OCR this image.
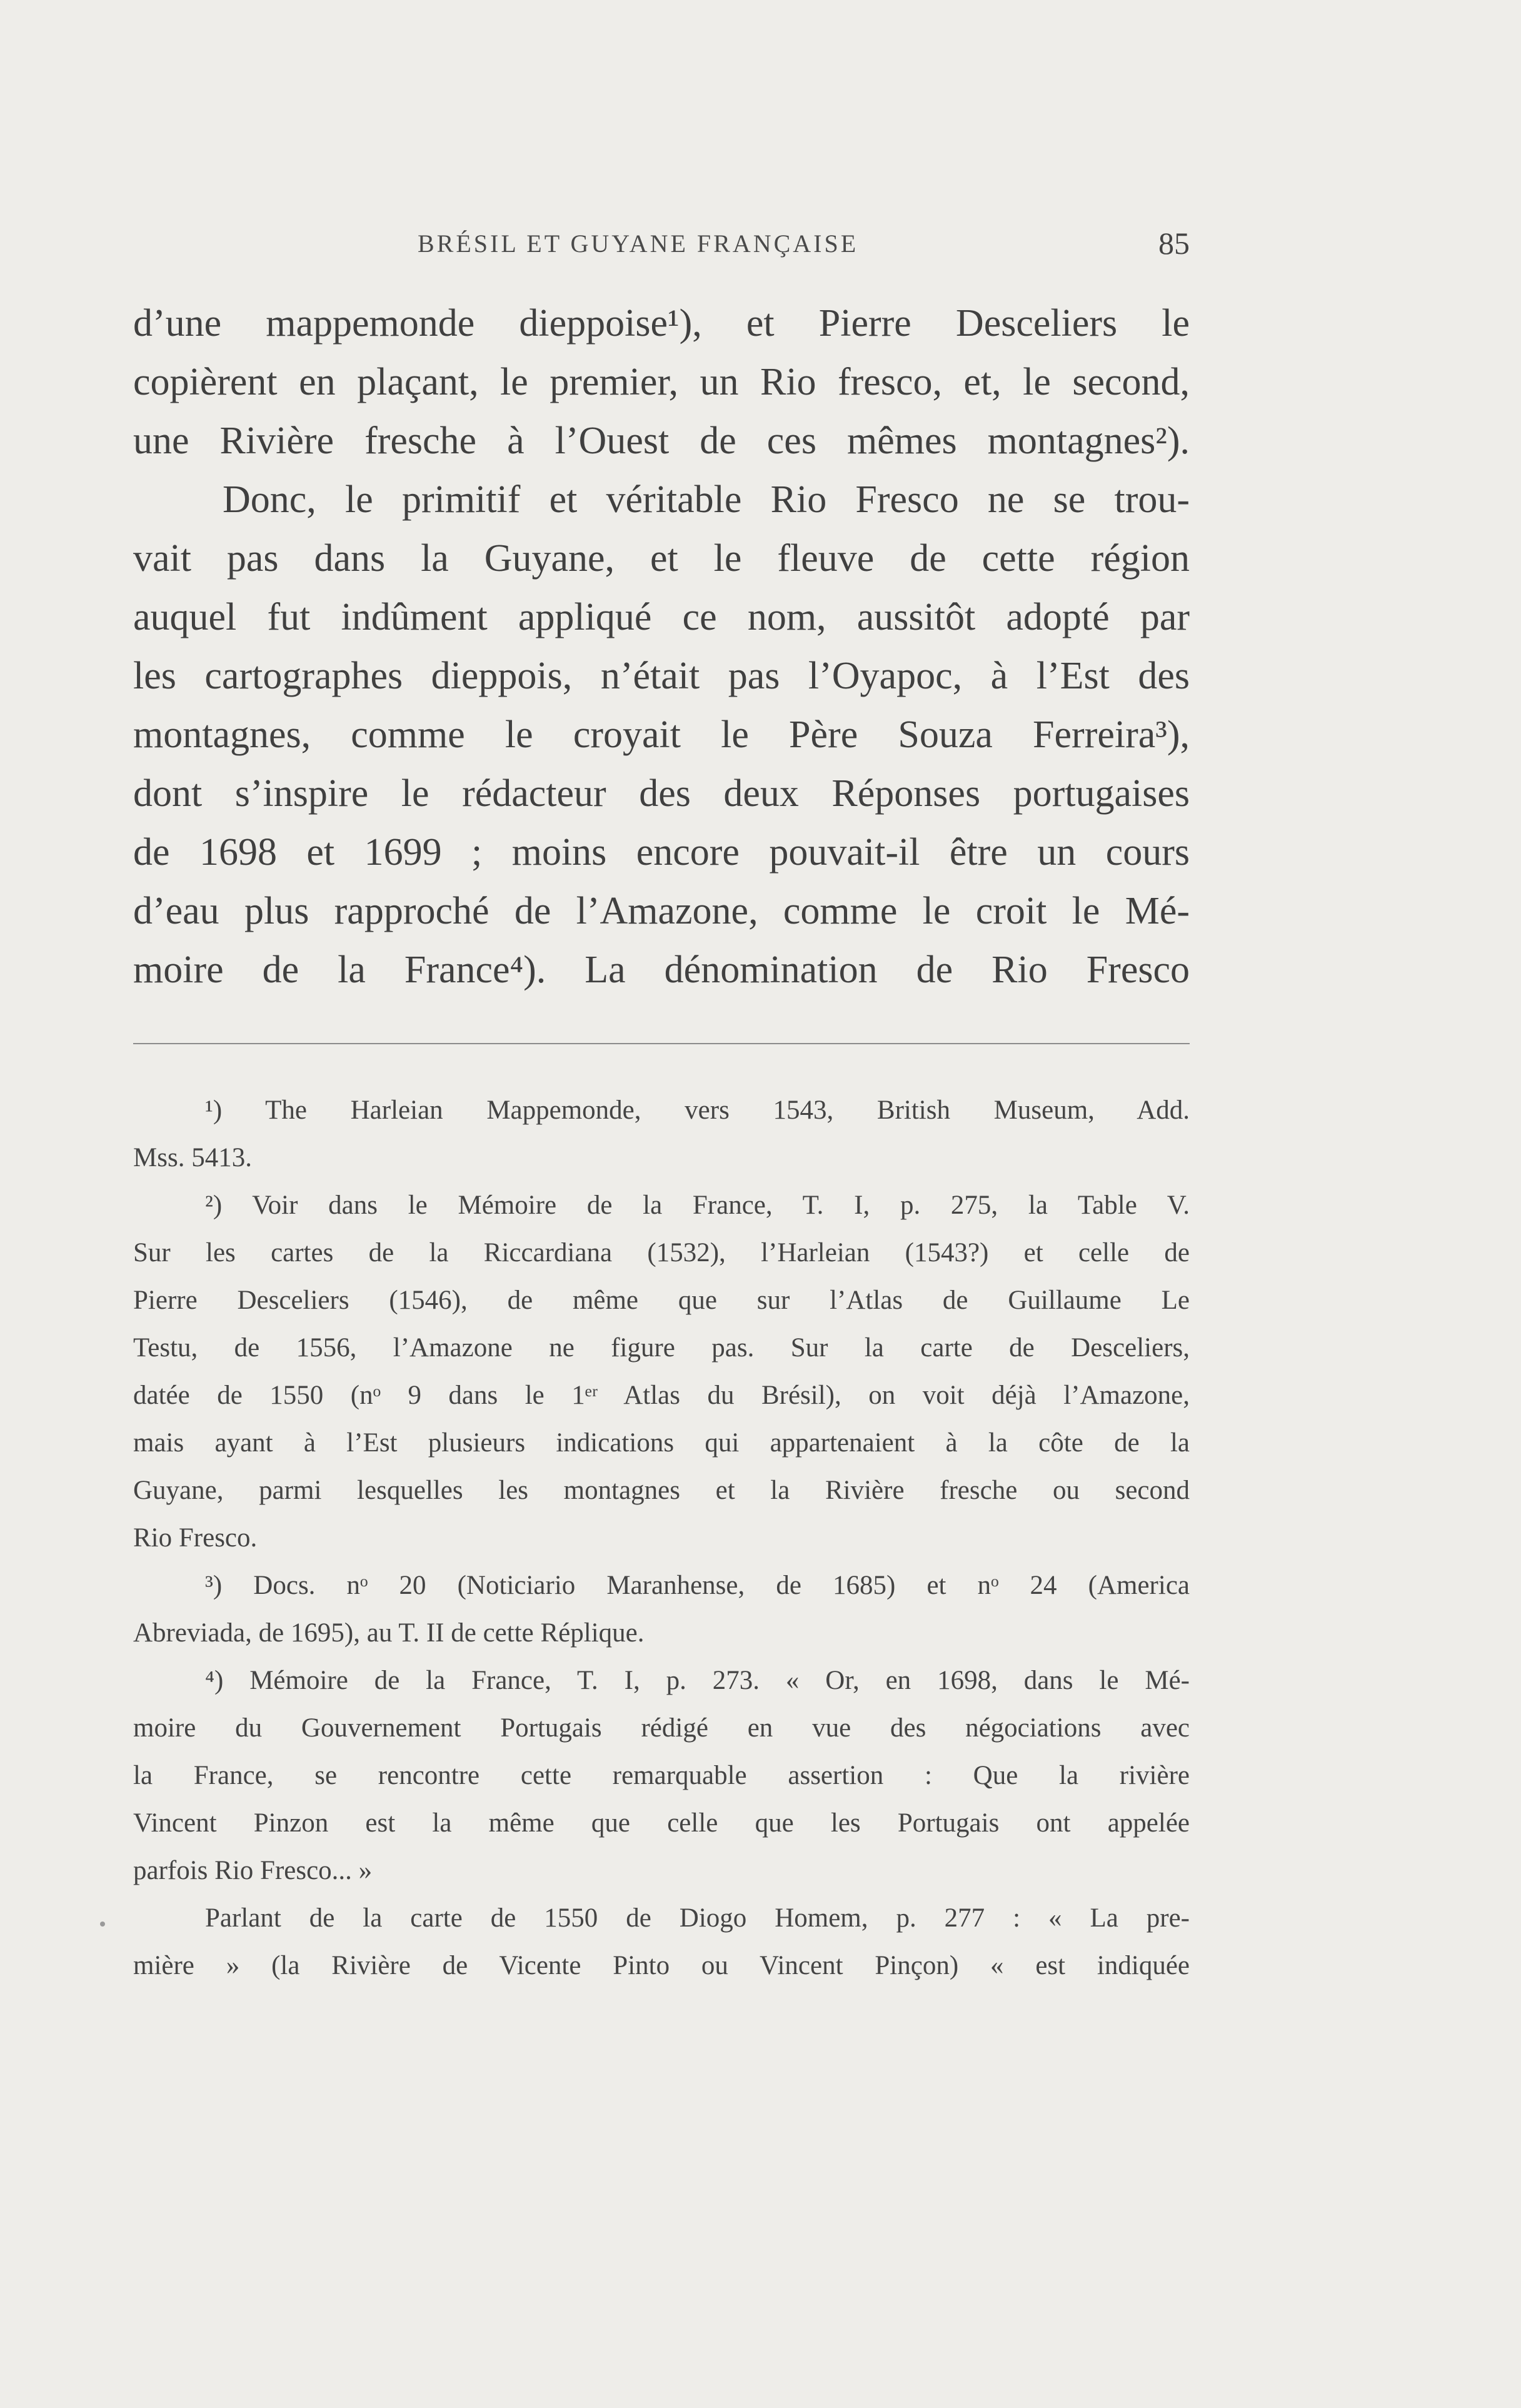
BRÉSIL ET GUYANE FRANÇAISE	85
d’une mappemonde dieppoise¹), et Pierre Desceliers le
copièrent en plaçant, le premier, un Rio fresco, et, le second,
une Rivière fresche à l’Ouest de ces mêmes montagnes²).
Donc, le primitif et véritable Rio Fresco ne se trou-
vait pas dans la Guyane, et le fleuve de cette région
auquel fut indûment appliqué ce nom, aussitôt adopté par
les cartographes dieppois, n’était pas l’Oyapoc, à l’Est des
montagnes, comme le croyait le Père Souza Ferreira³),
dont s’inspire le rédacteur des deux Réponses portugaises
de 1698 et 1699 ; moins encore pouvait-il être un cours
d’eau plus rapproché de l’Amazone, comme le croit le Mé-
moire de la France⁴). La dénomination de Rio Fresco
¹) The Harleian Mappemonde, vers 1543, British Museum, Add.
Mss. 5413.
²) Voir dans le Mémoire de la France, T. I, p. 275, la Table V.
Sur les cartes de la Riccardiana (1532), l’Harleian (1543?) et celle de
Pierre Desceliers (1546), de même que sur l’Atlas de Guillaume Le
Testu, de 1556, l’Amazone ne figure pas. Sur la carte de Desceliers,
datée de 1550 (nᵒ 9 dans le 1ᵉʳ Atlas du Brésil), on voit déjà l’Amazone,
mais ayant à l’Est plusieurs indications qui appartenaient à la côte de la
Guyane, parmi lesquelles les montagnes et la Rivière fresche ou second
Rio Fresco.
³) Docs. nᵒ 20 (Noticiario Maranhense, de 1685) et nᵒ 24 (America
Abreviada, de 1695), au T. II de cette Réplique.
⁴) Mémoire de la France, T. I, p. 273. « Or, en 1698, dans le Mé-
moire du Gouvernement Portugais rédigé en vue des négociations avec
la France, se rencontre cette remarquable assertion : Que la rivière
Vincent Pinzon est la même que celle que les Portugais ont appelée
parfois Rio Fresco... »
Parlant de la carte de 1550 de Diogo Homem, p. 277 : « La pre-
mière » (la Rivière de Vicente Pinto ou Vincent Pinçon) « est indiquée
